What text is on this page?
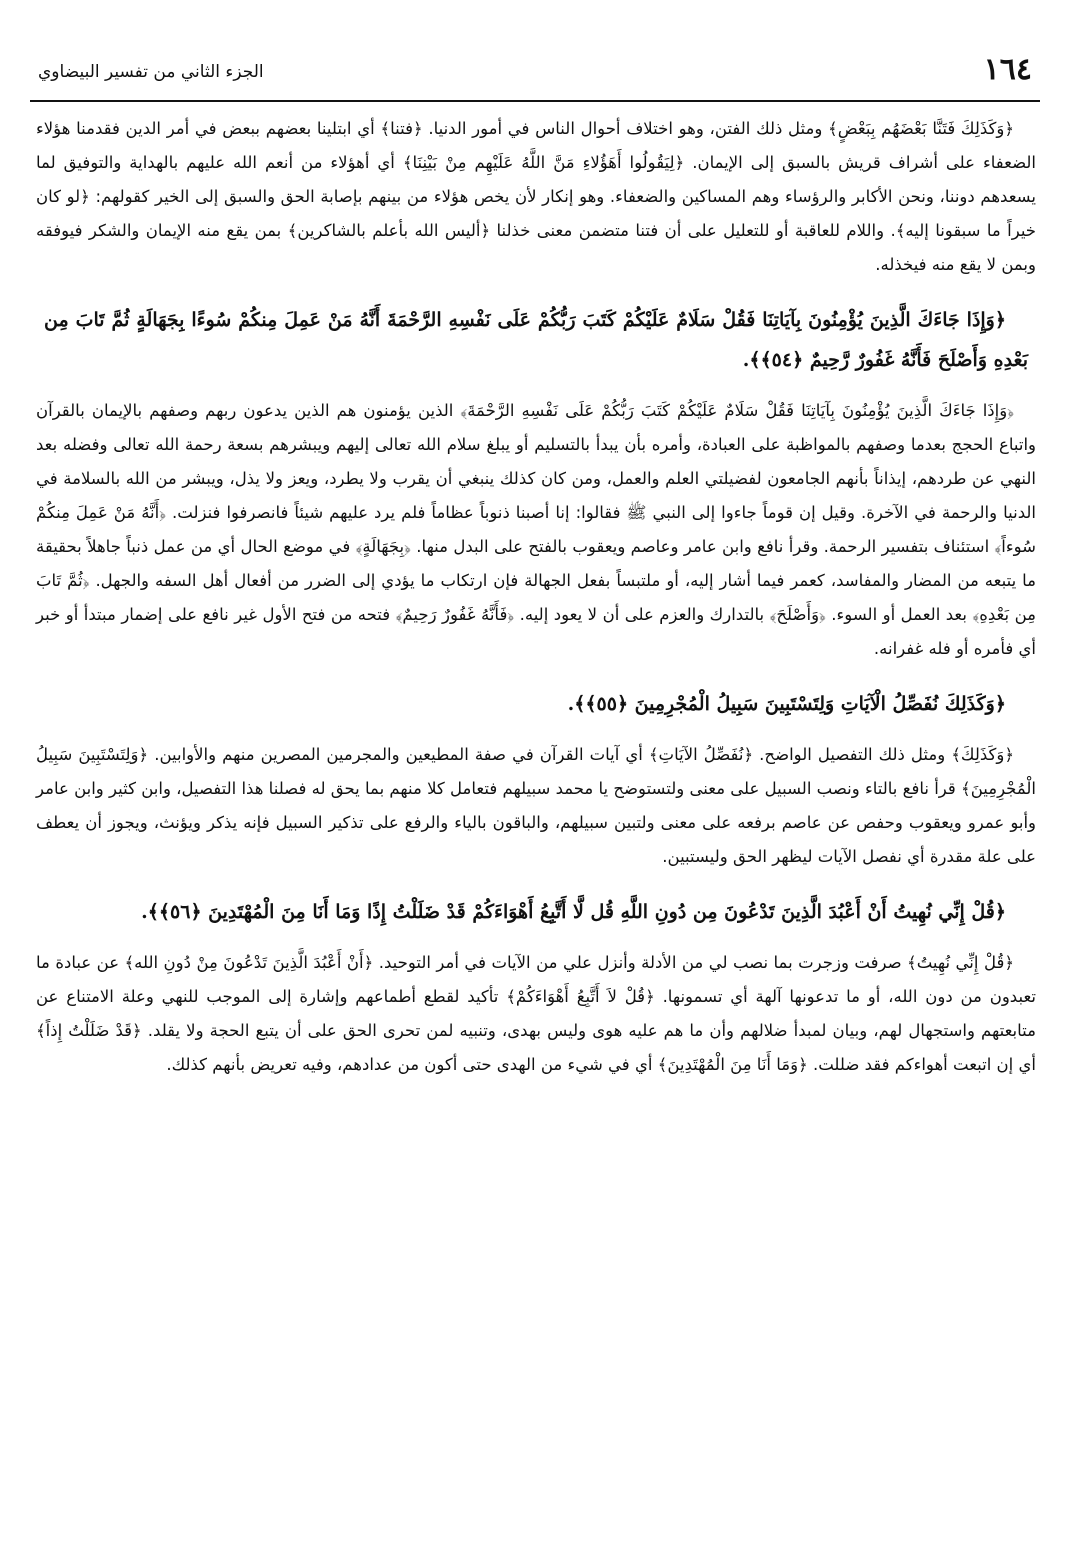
١٦٤
الجزء الثاني من تفسير البيضاوي

﴿وَكَذَلِكَ فَتَنَّا بَعْضَهُم بِبَعْضٍ﴾ ومثل ذلك الفتن، وهو اختلاف أحوال الناس في أمور الدنيا. ﴿فتنا﴾ أي ابتلينا بعضهم ببعض في أمر الدين فقدمنا هؤلاء الضعفاء على أشراف قريش بالسبق إلى الإيمان. ﴿لِيَقُولُوا أَهَؤُلاءِ مَنَّ اللَّهُ عَلَيْهِم مِنْ بَيْنِنَا﴾ أي أهؤلاء من أنعم الله عليهم بالهداية والتوفيق لما يسعدهم دوننا، ونحن الأكابر والرؤساء وهم المساكين والضعفاء. وهو إنكار لأن يخص هؤلاء من بينهم بإصابة الحق والسبق إلى الخير كقولهم: ﴿لو كان خيراً ما سبقونا إليه﴾. واللام للعاقبة أو للتعليل على أن فتنا متضمن معنى خذلنا ﴿أليس الله بأعلم بالشاكرين﴾ بمن يقع منه الإيمان والشكر فيوفقه وبمن لا يقع منه فيخذله.

﴿وَإِذَا جَاءَكَ الَّذِينَ يُؤْمِنُونَ بِآيَاتِنَا فَقُلْ سَلَامٌ عَلَيْكُمْ كَتَبَ رَبُّكُمْ عَلَى نَفْسِهِ الرَّحْمَةَ أَنَّهُ مَنْ عَمِلَ مِنكُمْ سُوءًا بِجَهَالَةٍ ثُمَّ تَابَ مِن بَعْدِهِ وَأَصْلَحَ فَأَنَّهُ غَفُورٌ رَّحِيمٌ ﴿٥٤﴾﴾.

﴿وَإِذَا جَاءَكَ الَّذِينَ يُؤْمِنُونَ بِآيَاتِنَا فَقُلْ سَلَامٌ عَلَيْكُمْ كَتَبَ رَبُّكُمْ عَلَى نَفْسِهِ الرَّحْمَةَ﴾ الذين يؤمنون هم الذين يدعون ربهم وصفهم بالإيمان بالقرآن واتباع الحجج بعدما وصفهم بالمواظبة على العبادة، وأمره بأن يبدأ بالتسليم أو يبلغ سلام الله تعالى إليهم ويبشرهم بسعة رحمة الله تعالى وفضله بعد النهي عن طردهم، إيذاناً بأنهم الجامعون لفضيلتي العلم والعمل، ومن كان كذلك ينبغي أن يقرب ولا يطرد، ويعز ولا يذل، ويبشر من الله بالسلامة في الدنيا والرحمة في الآخرة. وقيل إن قوماً جاءوا إلى النبي ﷺ فقالوا: إنا أصبنا ذنوباً عظاماً فلم يرد عليهم شيئاً فانصرفوا فنزلت. ﴿أَنَّهُ مَنْ عَمِلَ مِنكُمْ سُوءاً﴾ استئناف بتفسير الرحمة. وقرأ نافع وابن عامر وعاصم ويعقوب بالفتح على البدل منها. ﴿بِجَهَالَةٍ﴾ في موضع الحال أي من عمل ذنباً جاهلاً بحقيقة ما يتبعه من المضار والمفاسد، كعمر فيما أشار إليه، أو ملتبساً بفعل الجهالة فإن ارتكاب ما يؤدي إلى الضرر من أفعال أهل السفه والجهل. ﴿ثُمَّ تَابَ مِن بَعْدِهِ﴾ بعد العمل أو السوء. ﴿وَأَصْلَحَ﴾ بالتدارك والعزم على أن لا يعود إليه. ﴿فَأَنَّهُ غَفُورٌ رَحِيمٌ﴾ فتحه من فتح الأول غير نافع على إضمار مبتدأ أو خبر أي فأمره أو فله غفرانه.

﴿وَكَذَلِكَ نُفَصِّلُ الْآيَاتِ وَلِتَسْتَبِينَ سَبِيلُ الْمُجْرِمِينَ ﴿٥٥﴾﴾.

﴿وَكَذَلِكَ﴾ ومثل ذلك التفصيل الواضح. ﴿نُفَصِّلُ الآيَاتِ﴾ أي آيات القرآن في صفة المطيعين والمجرمين المصرين منهم والأوابين. ﴿وَلِتَسْتَبِينَ سَبِيلُ الْمُجْرِمِينَ﴾ قرأ نافع بالتاء ونصب السبيل على معنى ولتستوضح يا محمد سبيلهم فتعامل كلا منهم بما يحق له فصلنا هذا التفصيل، وابن كثير وابن عامر وأبو عمرو ويعقوب وحفص عن عاصم برفعه على معنى ولتبين سبيلهم، والباقون بالياء والرفع على تذكير السبيل فإنه يذكر ويؤنث، ويجوز أن يعطف على علة مقدرة أي نفصل الآيات ليظهر الحق وليستبين.

﴿قُلْ إِنِّي نُهِيتُ أَنْ أَعْبُدَ الَّذِينَ تَدْعُونَ مِن دُونِ اللَّهِ قُل لَّا أَتَّبِعُ أَهْوَاءَكُمْ قَدْ ضَلَلْتُ إِذًا وَمَا أَنَا مِنَ الْمُهْتَدِينَ ﴿٥٦﴾﴾.

﴿قُلْ إِنِّي نُهِيتُ﴾ صرفت وزجرت بما نصب لي من الأدلة وأنزل علي من الآيات في أمر التوحيد. ﴿أَنْ أَعْبُدَ الَّذِينَ تَدْعُونَ مِنْ دُونِ الله﴾ عن عبادة ما تعبدون من دون الله، أو ما تدعونها آلهة أي تسمونها. ﴿قُلْ لاَ أَتَّبِعُ أَهْوَاءَكُمْ﴾ تأكيد لقطع أطماعهم وإشارة إلى الموجب للنهي وعلة الامتناع عن متابعتهم واستجهال لهم، وبيان لمبدأ ضلالهم وأن ما هم عليه هوى وليس بهدى، وتنبيه لمن تحرى الحق على أن يتبع الحجة ولا يقلد. ﴿قَدْ ضَلَلْتُ إِذاً﴾ أي إن اتبعت أهواءكم فقد ضللت. ﴿وَمَا أَنَا مِنَ الْمُهْتَدِينَ﴾ أي في شيء من الهدى حتى أكون من عدادهم، وفيه تعريض بأنهم كذلك.
